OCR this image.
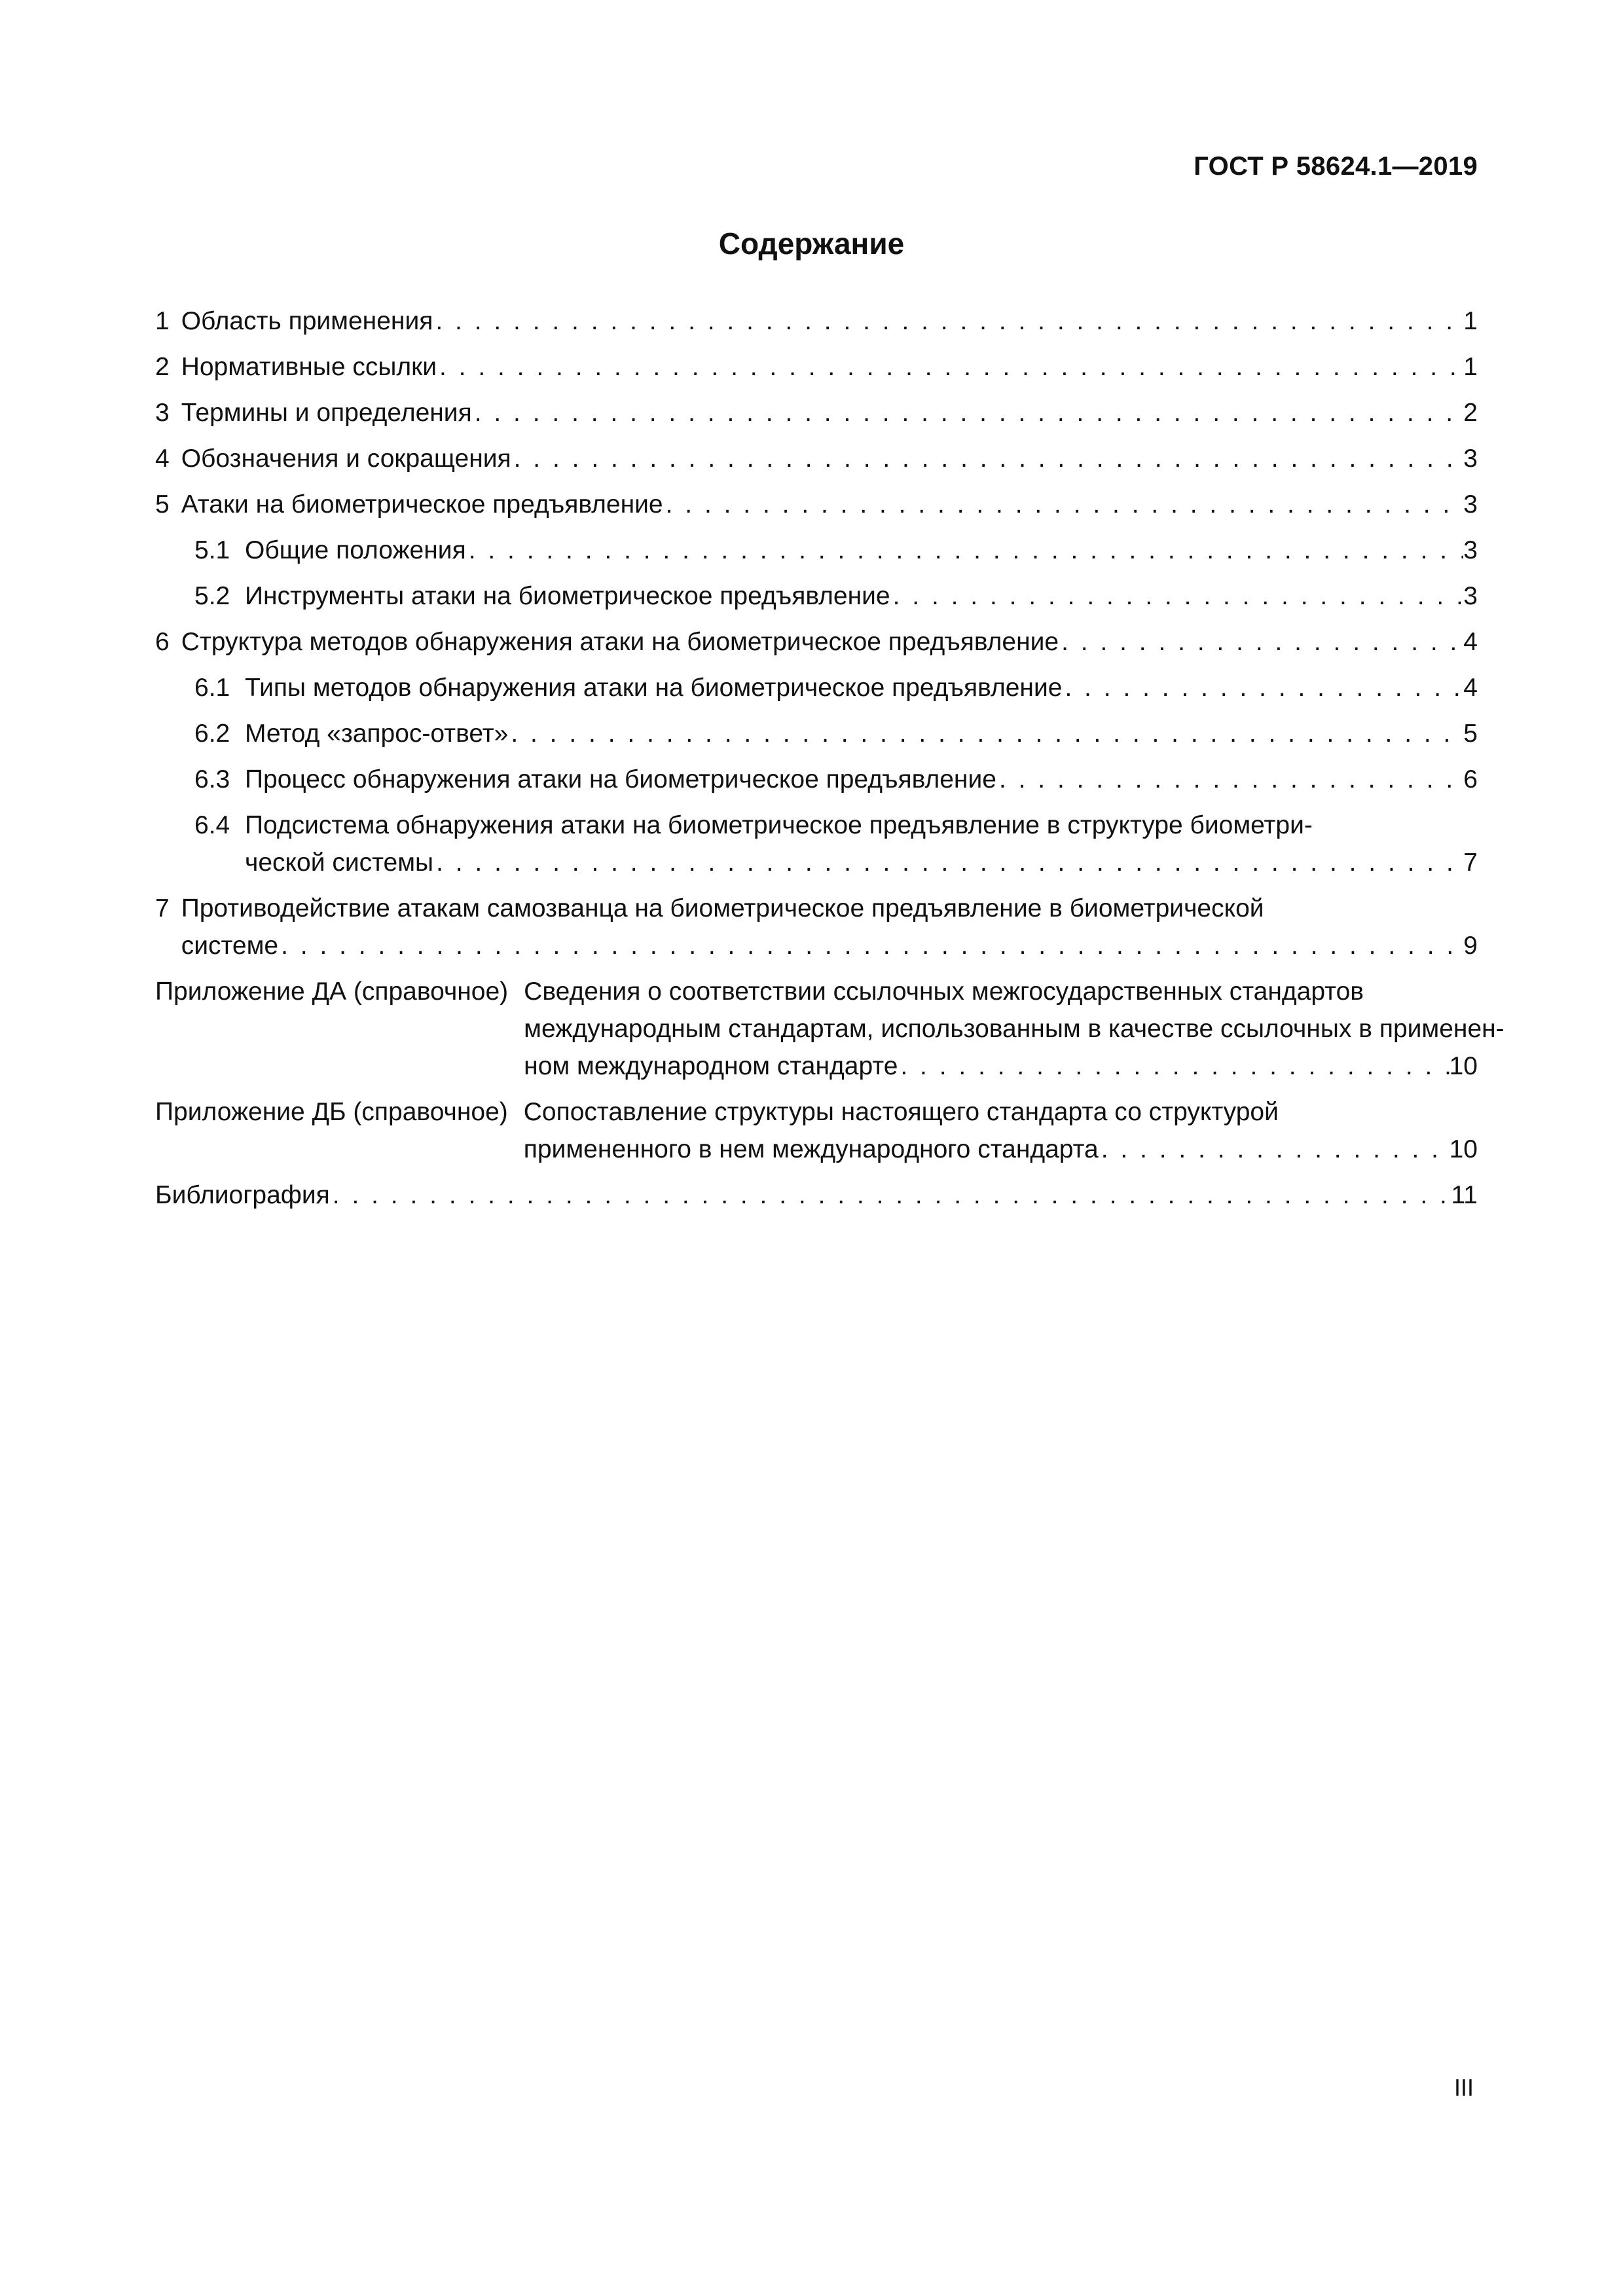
ГОСТ Р 58624.1—2019
Содержание
1 Область применения . . .	1
2 Нормативные ссылки . . .	1
3 Термины и определения . . .	2
4 Обозначения и сокращения . . .	3
5 Атаки на биометрическое предъявление . . .	3
5.1 Общие положения . . .	3
5.2 Инструменты атаки на биометрическое предъявление . . .	3
6 Структура методов обнаружения атаки на биометрическое предъявление . . .	4
6.1 Типы методов обнаружения атаки на биометрическое предъявление . . .	4
6.2 Метод «запрос-ответ» . . .	5
6.3 Процесс обнаружения атаки на биометрическое предъявление . . .	6
6.4 Подсистема обнаружения атаки на биометрическое предъявление в структуре биометри-
ческой системы . . .	7
7 Противодействие атакам самозванца на биометрическое предъявление в биометрической
системе . . .	9
Приложение ДА (справочное) Сведения о соответствии ссылочных межгосударственных стандартов
международным стандартам, использованным в качестве ссылочных в применен-
ном международном стандарте . . .	10
Приложение ДБ (справочное) Сопоставление структуры настоящего стандарта со структурой
примененного в нем международного стандарта . . .	10
Библиография . . .	11
III
